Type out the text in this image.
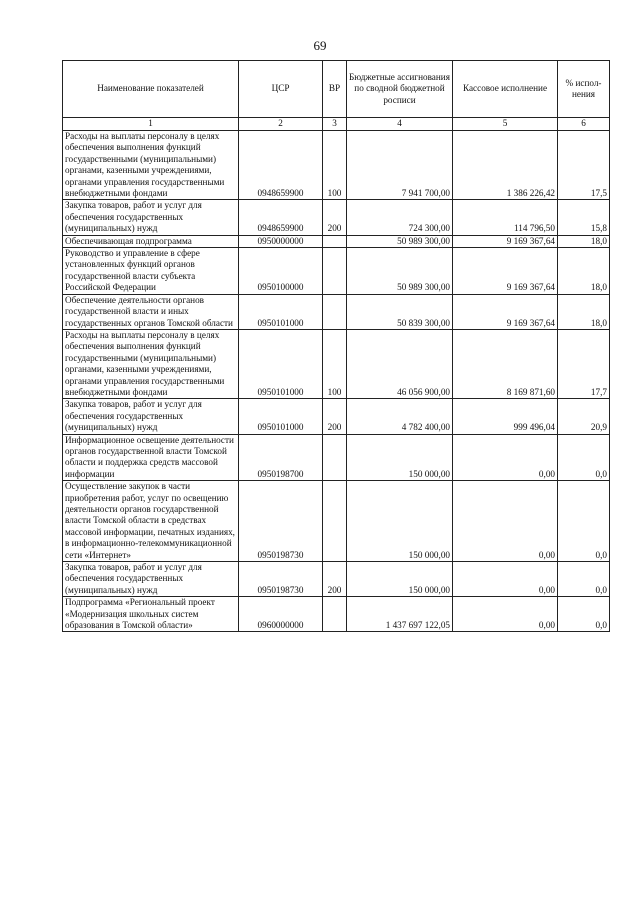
69
Наименование показателей	ЦСР	ВР	Бюджетные ассигнования по сводной бюджетной росписи	Кассовое исполнение	% испол-нения
1	2	3	4	5	6
Расходы на выплаты персоналу в целях обеспечения выполнения функций государственными (муниципальными) органами, казенными учреждениями, органами управления государственными внебюджетными фондами	0948659900	100	7 941 700,00	1 386 226,42	17,5
Закупка товаров, работ и услуг для обеспечения государственных (муниципальных) нужд	0948659900	200	724 300,00	114 796,50	15,8
Обеспечивающая подпрограмма	0950000000		50 989 300,00	9 169 367,64	18,0
Руководство и управление в сфере установленных функций органов государственной власти субъекта Российской Федерации	0950100000		50 989 300,00	9 169 367,64	18,0
Обеспечение деятельности органов государственной власти и иных государственных органов Томской области	0950101000		50 839 300,00	9 169 367,64	18,0
Расходы на выплаты персоналу в целях обеспечения выполнения функций государственными (муниципальными) органами, казенными учреждениями, органами управления государственными внебюджетными фондами	0950101000	100	46 056 900,00	8 169 871,60	17,7
Закупка товаров, работ и услуг для обеспечения государственных (муниципальных) нужд	0950101000	200	4 782 400,00	999 496,04	20,9
Информационное освещение деятельности органов государственной власти Томской области и поддержка средств массовой информации	0950198700		150 000,00	0,00	0,0
Осуществление закупок в части приобретения работ, услуг по освещению деятельности органов государственной власти Томской области в средствах массовой информации, печатных изданиях, в информационно-телекоммуникационной сети «Интернет»	0950198730		150 000,00	0,00	0,0
Закупка товаров, работ и услуг для обеспечения государственных (муниципальных) нужд	0950198730	200	150 000,00	0,00	0,0
Подпрограмма «Региональный проект «Модернизация школьных систем образования в Томской области»	0960000000		1 437 697 122,05	0,00	0,0
